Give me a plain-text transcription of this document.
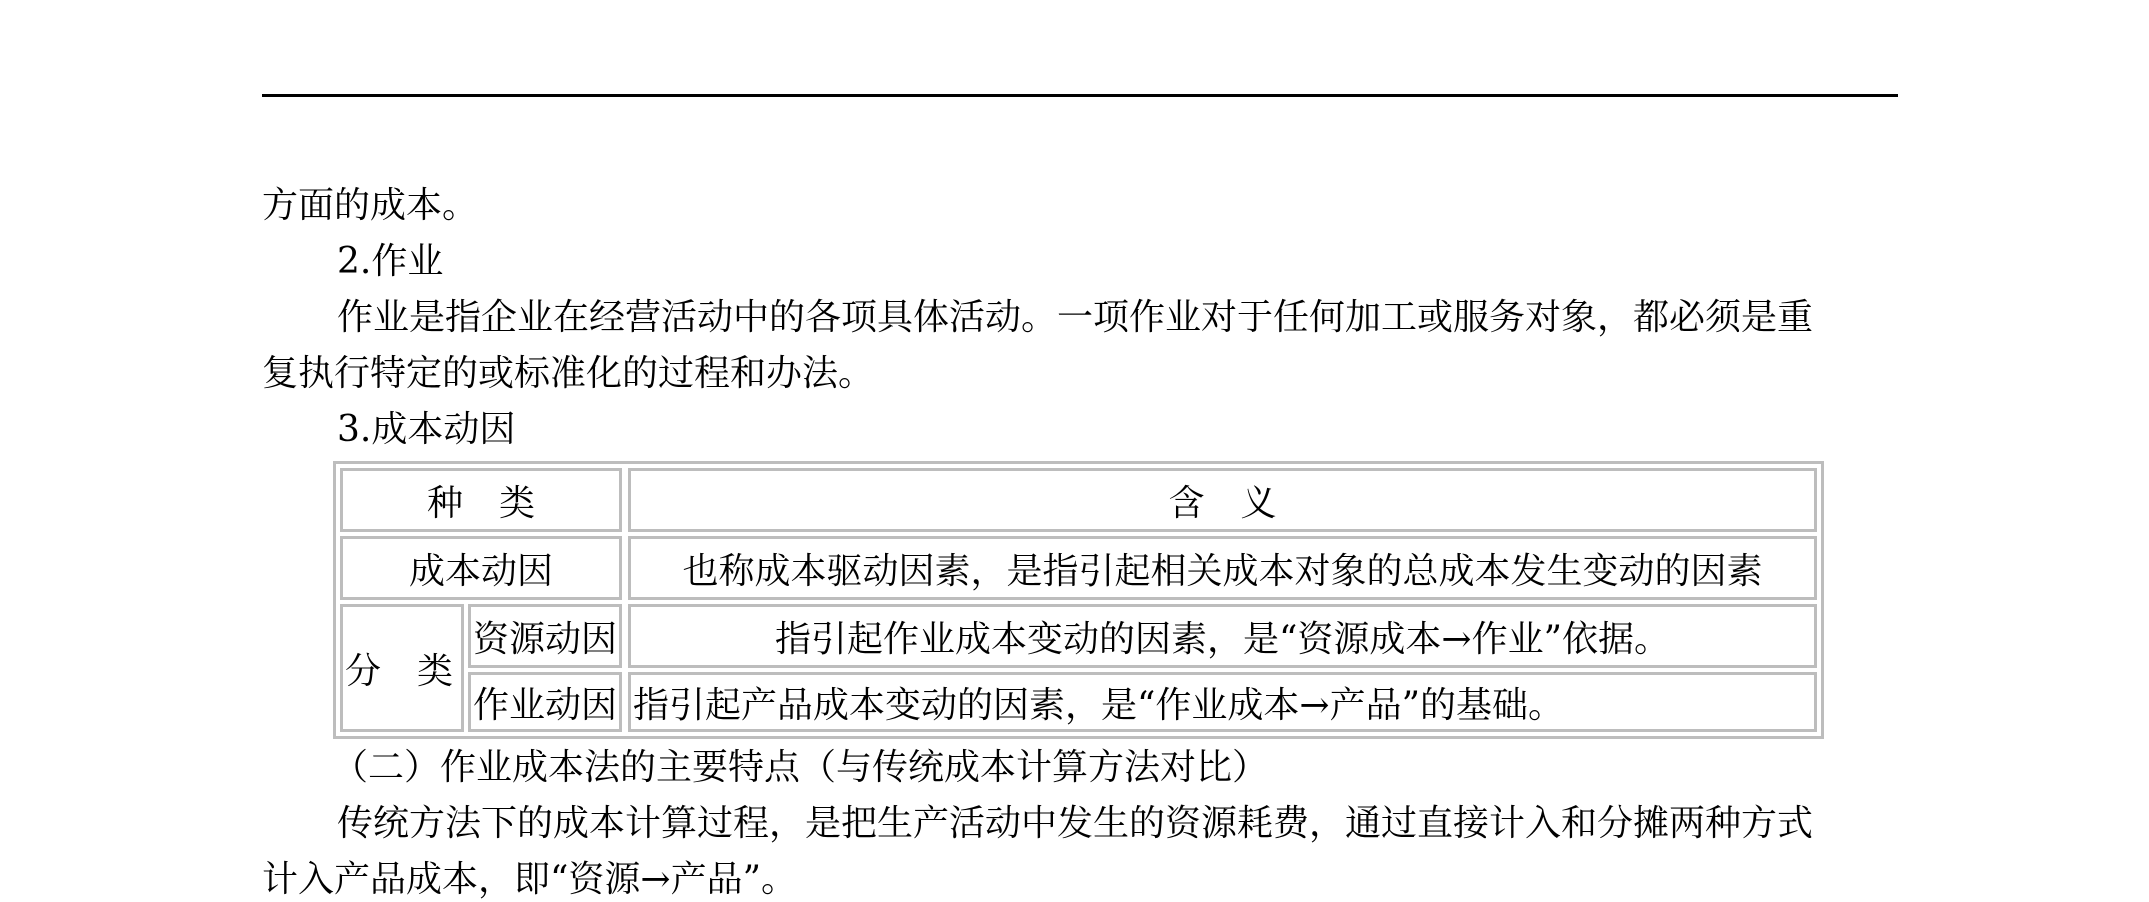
方面的成本。
2.作业
作业是指企业在经营活动中的各项具体活动。一项作业对于任何加工或服务对象，都必须是重
复执行特定的或标准化的过程和办法。
3.成本动因
种　类	含　义
成本动因	也称成本驱动因素，是指引起相关成本对象的总成本发生变动的因素
分　类
资源动因	指引起作业成本变动的因素，是“资源成本→作业”依据。
作业动因 指引起产品成本变动的因素，是“作业成本→产品”的基础。
（二）作业成本法的主要特点（与传统成本计算方法对比）
传统方法下的成本计算过程，是把生产活动中发生的资源耗费，通过直接计入和分摊两种方式
计入产品成本，即“资源→产品”。
